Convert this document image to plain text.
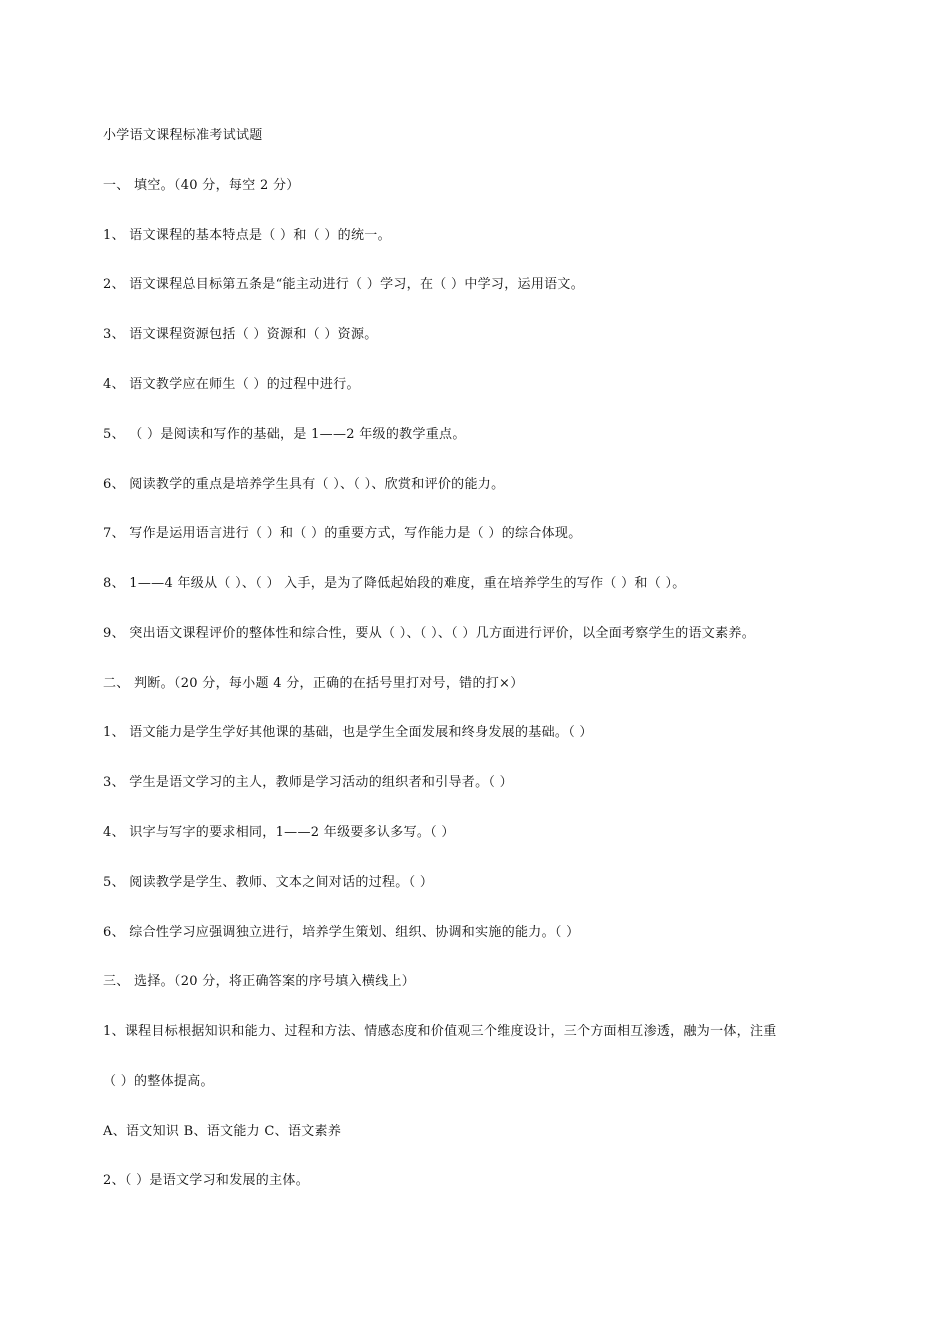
小学语文课程标准考试试题
一、 填空。（40 分，每空 2 分）
1、 语文课程的基本特点是（ ）和（ ）的统一。
2、 语文课程总目标第五条是“能主动进行（ ）学习，在（ ）中学习，运用语文。
3、 语文课程资源包括（ ）资源和（ ）资源。
4、 语文教学应在师生（ ）的过程中进行。
5、 （ ）是阅读和写作的基础，是 1——2 年级的教学重点。
6、 阅读教学的重点是培养学生具有（ ）、（ ）、欣赏和评价的能力。
7、 写作是运用语言进行（ ）和（ ）的重要方式，写作能力是（ ）的综合体现。
8、 1——4 年级从（ ）、（ ） 入手，是为了降低起始段的难度，重在培养学生的写作（ ）和（ ）。
9、 突出语文课程评价的整体性和综合性，要从（ ）、（ ）、（ ）几方面进行评价，以全面考察学生的语文素养。
二、 判断。（20 分，每小题 4 分，正确的在括号里打对号，错的打×）
1、 语文能力是学生学好其他课的基础，也是学生全面发展和终身发展的基础。（ ）
3、 学生是语文学习的主人，教师是学习活动的组织者和引导者。（ ）
4、 识字与写字的要求相同，1——2 年级要多认多写。（ ）
5、 阅读教学是学生、教师、文本之间对话的过程。（ ）
6、 综合性学习应强调独立进行，培养学生策划、组织、协调和实施的能力。（ ）
三、 选择。（20 分，将正确答案的序号填入横线上）
1、课程目标根据知识和能力、过程和方法、情感态度和价值观三个维度设计，三个方面相互渗透，融为一体，注重
（ ）的整体提高。
A、语文知识 B、语文能力 C、语文素养
2、（ ）是语文学习和发展的主体。
